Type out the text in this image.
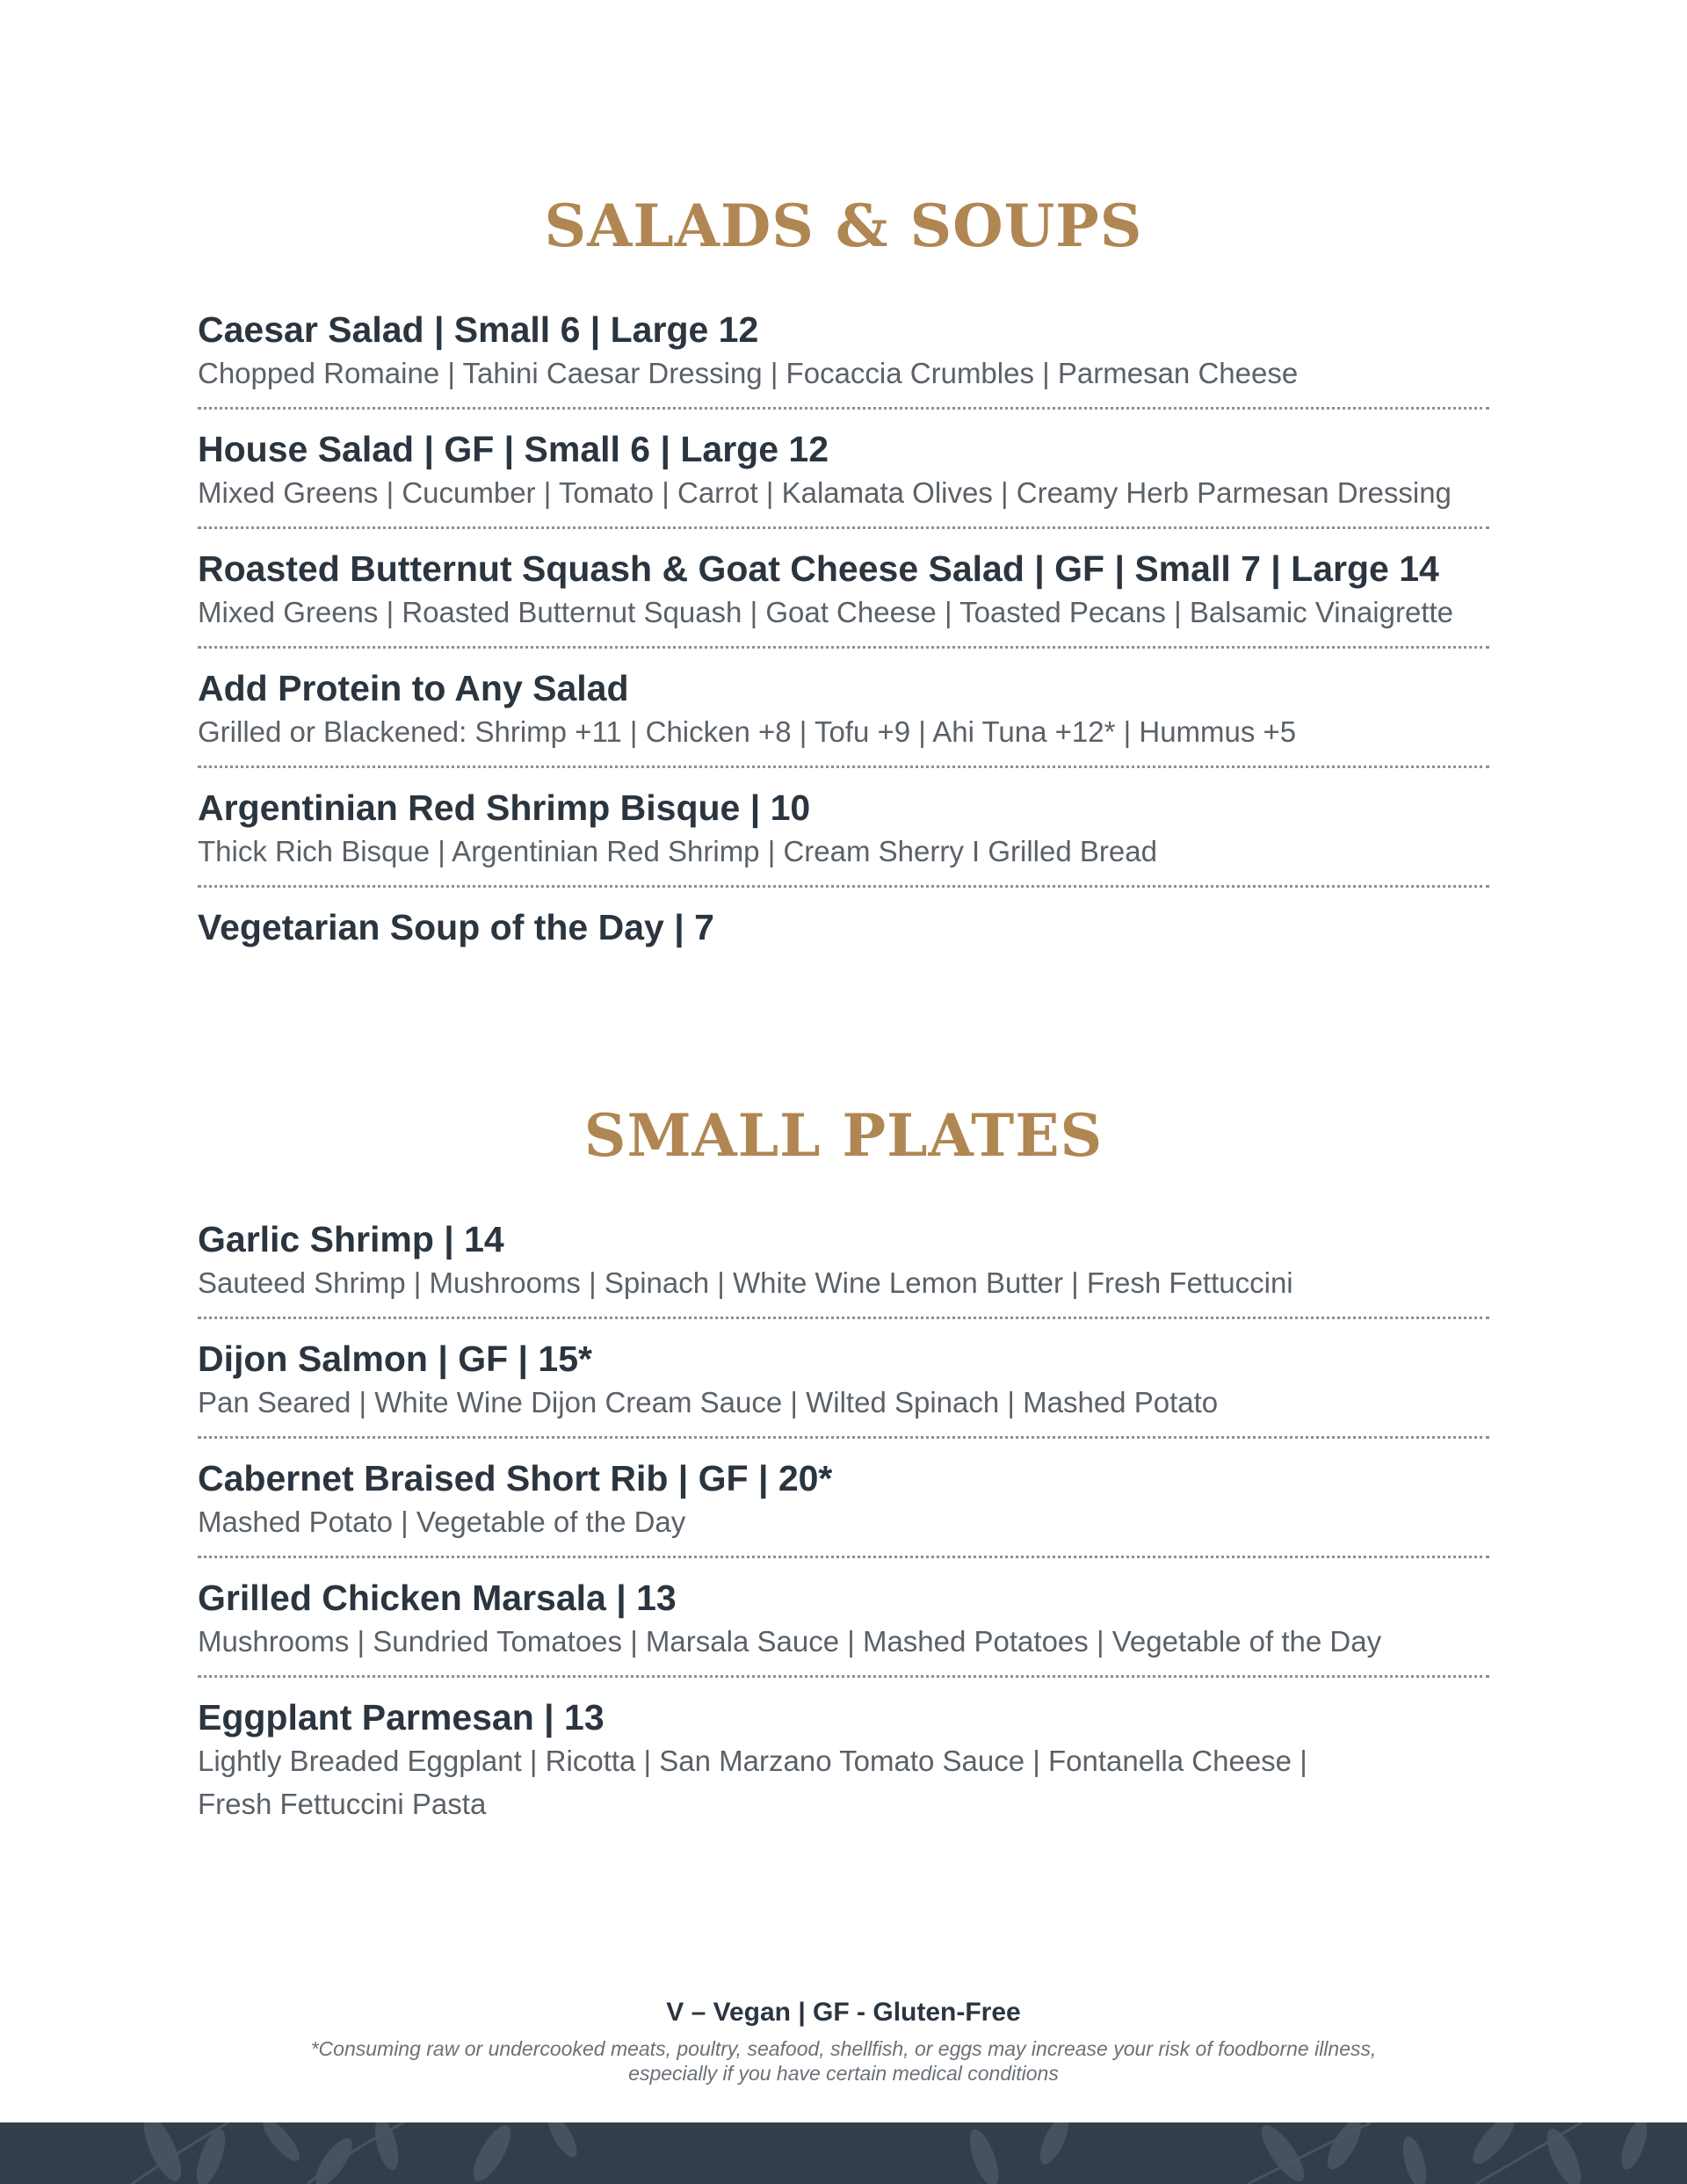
SALADS & SOUPS
Caesar Salad | Small 6 | Large 12
Chopped Romaine | Tahini Caesar Dressing | Focaccia Crumbles | Parmesan Cheese
House Salad | GF | Small 6 | Large 12
Mixed Greens | Cucumber | Tomato | Carrot | Kalamata Olives | Creamy Herb Parmesan Dressing
Roasted Butternut Squash & Goat Cheese Salad | GF | Small 7 | Large 14
Mixed Greens | Roasted Butternut Squash | Goat Cheese | Toasted Pecans | Balsamic Vinaigrette
Add Protein to Any Salad
Grilled or Blackened: Shrimp +11 | Chicken +8 | Tofu +9 | Ahi Tuna +12* | Hummus +5
Argentinian Red Shrimp Bisque | 10
Thick Rich Bisque | Argentinian Red Shrimp | Cream Sherry I Grilled Bread
Vegetarian Soup of the Day | 7
SMALL PLATES
Garlic Shrimp | 14
Sauteed Shrimp | Mushrooms | Spinach | White Wine Lemon Butter | Fresh Fettuccini
Dijon Salmon | GF | 15*
Pan Seared | White Wine Dijon Cream Sauce | Wilted Spinach | Mashed Potato
Cabernet Braised Short Rib | GF | 20*
Mashed Potato | Vegetable of the Day
Grilled Chicken Marsala | 13
Mushrooms | Sundried Tomatoes | Marsala Sauce | Mashed Potatoes | Vegetable of the Day
Eggplant Parmesan | 13
Lightly Breaded Eggplant | Ricotta | San Marzano Tomato Sauce | Fontanella Cheese |
Fresh Fettuccini Pasta
V – Vegan | GF - Gluten-Free
*Consuming raw or undercooked meats, poultry, seafood, shellfish, or eggs may increase your risk of foodborne illness,
especially if you have certain medical conditions
